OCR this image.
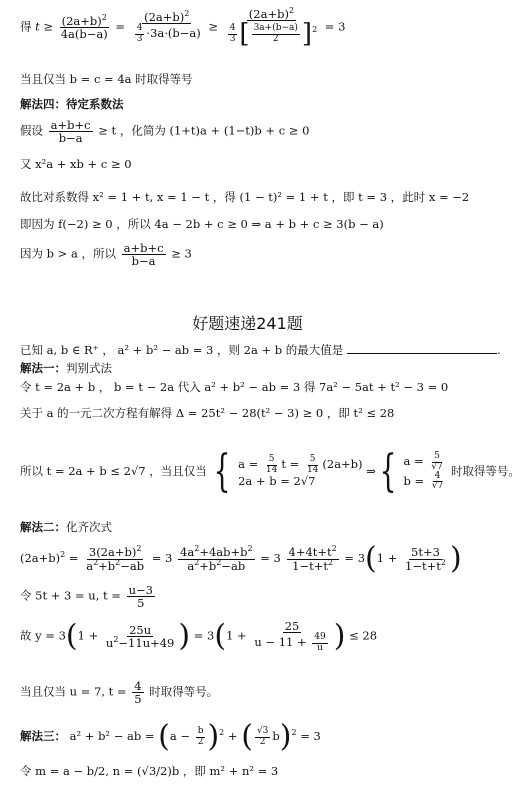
得 $t \ge \frac{(2a+b)^2}{4a(b-a)} = \frac{(2a+b)^2}{\frac{4}{3} \cdot 3a\cdot(b-a)} \ge \frac{(2a+b)^2}{\frac{4}{3} [ \frac{3a+(b-a)}{2} ]^2} = 3$
当且仅当 b = c = 4a 时取得等号
解法四：待定系数法
假设 $\frac{a+b+c}{b-a} \ge t$ ，化简为 (1+t)a + (1−t)b + c ≥ 0
又 x²a + xb + c ≥ 0
故比对系数得 x² = 1 + t, x = 1 − t ，得 (1 − t)² = 1 + t ，即 t = 3 ，此时 x = −2
即因为 f(−2) ≥ 0 ，所以 4a − 2b + c ≥ 0 ⇒ a + b + c ≥ 3(b − a)
因为 b > a ，所以 $\frac{a+b+c}{b-a} \ge 3$
好题速递241题
已知 a, b ∈ R⁺ ， a² + b² − ab = 3 ，则 2a + b 的最大值是	.
解法一：判别式法
令 t = 2a + b ， b = t − 2a 代入 a² + b² − ab = 3 得 7a² − 5at + t² − 3 = 0
关于 a 的一元二次方程有解得 Δ = 25t² − 28(t² − 3) ≥ 0 ，即 t² ≤ 28
所以 t = 2a + b ≤ 2√7 ，当且仅当 { $a = \frac{5}{14}$ $t = \frac{5}{14} (2a+b)$
2a + b = 2√7
⇒{ $a = \frac{5}{√7}$
$b = \frac{4}{√7}$
时取得等号。
解法二：化齐次式
$(2a+b)^2 = \frac{3(2a+b)^2}{a^2+b^2-ab} = 3 \frac{4a^2+4ab+b^2}{a^2+b^2-ab} = 3 \frac{4+4t+t^2}{1-t+t^2} = 3(1 + \frac{5t+3}{1-t+t^2}$ )
令 5t + 3 = u, $t = \frac{u-3}{5}$
故 $y = 3(1 + \frac{25u}{u^2-11u+49}$ ) = $3(1 + \frac{25}{u - 11 + \frac{49}{u}}$ ) ≤ 28
当且仅当 u = 7, $t = \frac{4}{5}$ 时取得等号。
解法三： a² + b² − ab = $(a - \frac{b}{2} )^2$ + ( $\frac{√3}{2} b)^2 = 3$
令 m = a − b/2, n = (√3/2)b ，即 m² + n² = 3
